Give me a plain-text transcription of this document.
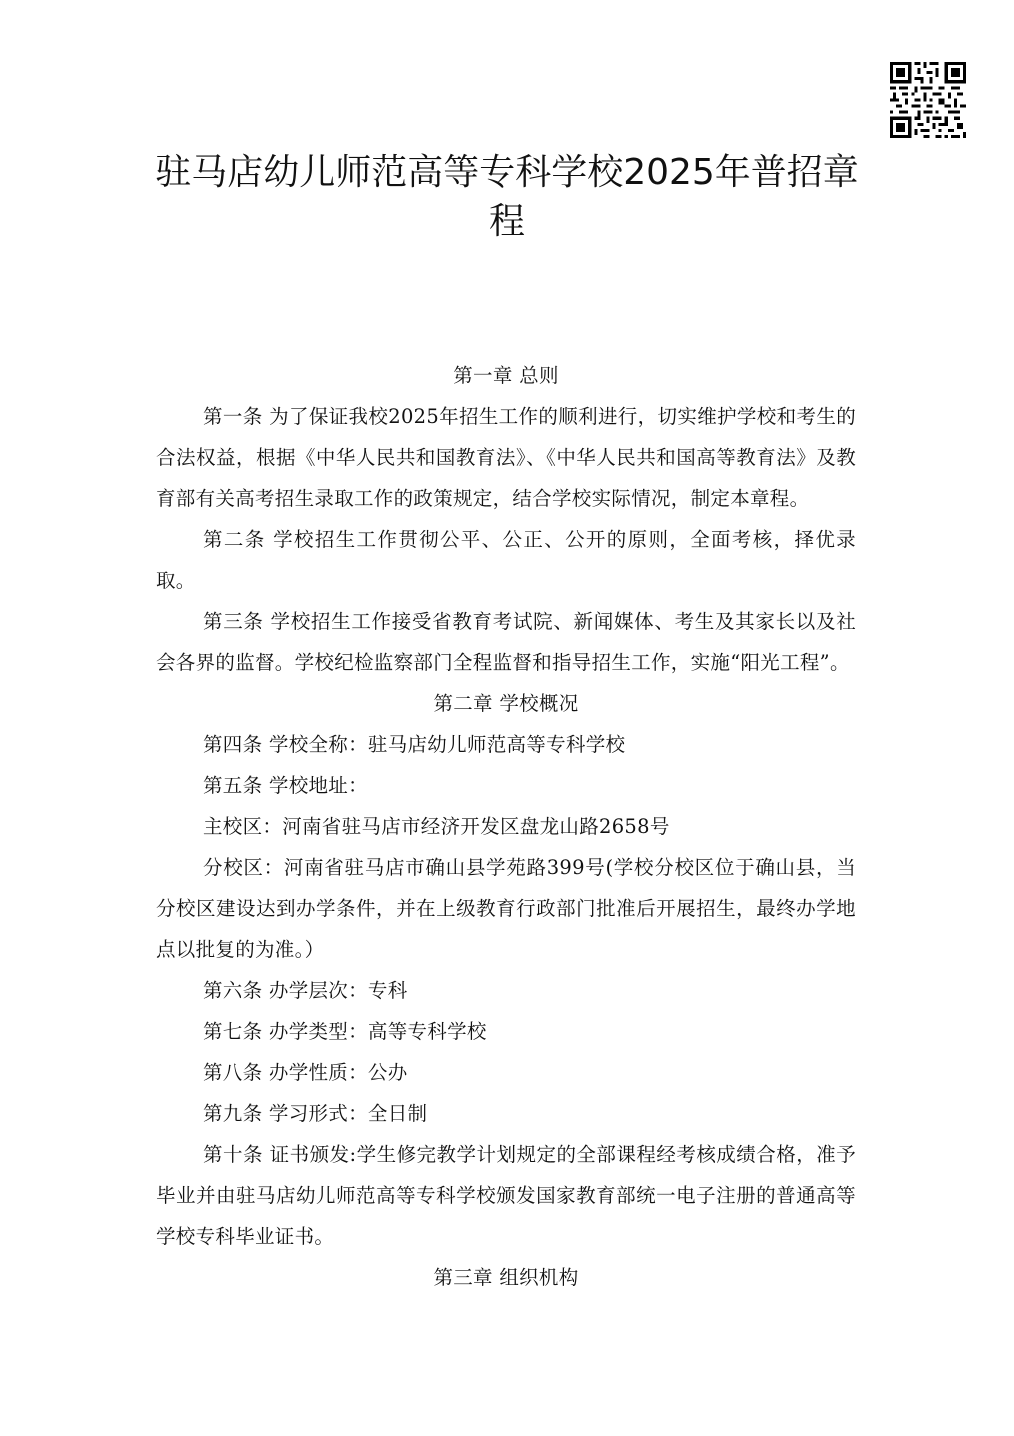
驻马店幼儿师范高等专科学校2025年普招章程

第一章 总则

第一条 为了保证我校2025年招生工作的顺利进行，切实维护学校和考生的合法权益，根据《中华人民共和国教育法》、《中华人民共和国高等教育法》及教育部有关高考招生录取工作的政策规定，结合学校实际情况，制定本章程。

第二条 学校招生工作贯彻公平、公正、公开的原则，全面考核，择优录取。

第三条 学校招生工作接受省教育考试院、新闻媒体、考生及其家长以及社会各界的监督。学校纪检监察部门全程监督和指导招生工作，实施“阳光工程”。

第二章 学校概况

第四条 学校全称：驻马店幼儿师范高等专科学校

第五条 学校地址：

主校区：河南省驻马店市经济开发区盘龙山路2658号

分校区：河南省驻马店市确山县学苑路399号(学校分校区位于确山县，当分校区建设达到办学条件，并在上级教育行政部门批准后开展招生，最终办学地点以批复的为准。）

第六条 办学层次：专科

第七条 办学类型：高等专科学校

第八条 办学性质：公办

第九条 学习形式：全日制

第十条 证书颁发:学生修完教学计划规定的全部课程经考核成绩合格，准予毕业并由驻马店幼儿师范高等专科学校颁发国家教育部统一电子注册的普通高等学校专科毕业证书。

第三章 组织机构
